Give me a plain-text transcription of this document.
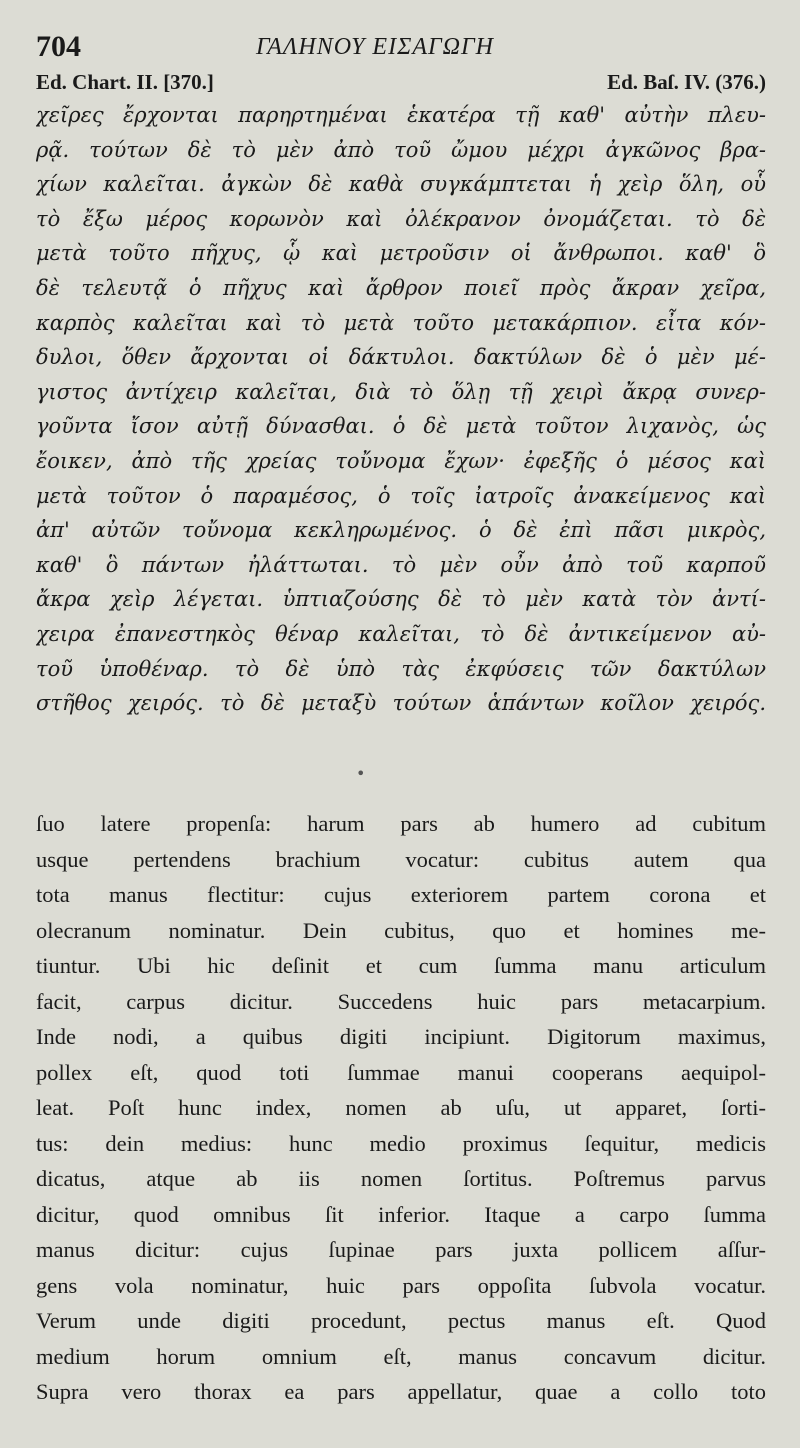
704	ΓΑΛΗΝΟΥ ΕΙΣΑΓΩΓΗ
Ed. Chart. II. [370.]	Ed. Baſ. IV. (376.)
χεῖρες ἔρχονται παρηρτημέναι ἑκατέρα τῇ καθ' αὐτὴν πλευ-
ρᾷ. τούτων δὲ τὸ μὲν ἀπὸ τοῦ ὤμου μέχρι ἀγκῶνος βρα-
χίων καλεῖται. ἀγκὼν δὲ καθὰ συγκάμπτεται ἡ χεὶρ ὅλη, οὗ
τὸ ἔξω μέρος κορωνὸν καὶ ὀλέκρανον ὀνομάζεται. τὸ δὲ
μετὰ τοῦτο πῆχυς, ᾧ καὶ μετροῦσιν οἱ ἄνθρωποι. καθ' ὃ
δὲ τελευτᾷ ὁ πῆχυς καὶ ἄρθρον ποιεῖ πρὸς ἄκραν χεῖρα,
καρπὸς καλεῖται καὶ τὸ μετὰ τοῦτο μετακάρπιον. εἶτα κόν-
δυλοι, ὅθεν ἄρχονται οἱ δάκτυλοι. δακτύλων δὲ ὁ μὲν μέ-
γιστος ἀντίχειρ καλεῖται, διὰ τὸ ὅλῃ τῇ χειρὶ ἄκρᾳ συνερ-
γοῦντα ἴσον αὐτῇ δύνασθαι. ὁ δὲ μετὰ τοῦτον λιχανὸς, ὡς
ἔοικεν, ἀπὸ τῆς χρείας τοὔνομα ἔχων· ἐφεξῆς ὁ μέσος καὶ
μετὰ τοῦτον ὁ παραμέσος, ὁ τοῖς ἰατροῖς ἀνακείμενος καὶ
ἀπ' αὐτῶν τοὔνομα κεκληρωμένος. ὁ δὲ ἐπὶ πᾶσι μικρὸς,
καθ' ὃ πάντων ἠλάττωται. τὸ μὲν οὖν ἀπὸ τοῦ καρποῦ
ἄκρα χεὶρ λέγεται. ὑπτιαζούσης δὲ τὸ μὲν κατὰ τὸν ἀντί-
χειρα ἐπανεστηκὸς θέναρ καλεῖται, τὸ δὲ ἀντικείμενον αὐ-
τοῦ ὑποθέναρ. τὸ δὲ ὑπὸ τὰς ἐκφύσεις τῶν δακτύλων
στῆθος χειρός. τὸ δὲ μεταξὺ τούτων ἁπάντων κοῖλον χειρός.
•
ſuo latere propenſa: harum pars ab humero ad cubitum
usque pertendens brachium vocatur: cubitus autem qua
tota manus flectitur: cujus exteriorem partem corona et
olecranum nominatur. Dein cubitus, quo et homines me-
tiuntur. Ubi hic deſinit et cum ſumma manu articulum
facit, carpus dicitur. Succedens huic pars metacarpium.
Inde nodi, a quibus digiti incipiunt. Digitorum maximus,
pollex eſt, quod toti ſummae manui cooperans aequipol-
leat. Poſt hunc index, nomen ab uſu, ut apparet, ſorti-
tus: dein medius: hunc medio proximus ſequitur, medicis
dicatus, atque ab iis nomen ſortitus. Poſtremus parvus
dicitur, quod omnibus ſit inferior. Itaque a carpo ſumma
manus dicitur: cujus ſupinae pars juxta pollicem aſſur-
gens vola nominatur, huic pars oppoſita ſubvola vocatur.
Verum unde digiti procedunt, pectus manus eſt. Quod
medium horum omnium eſt, manus concavum dicitur.
Supra vero thorax ea pars appellatur, quae a collo toto
